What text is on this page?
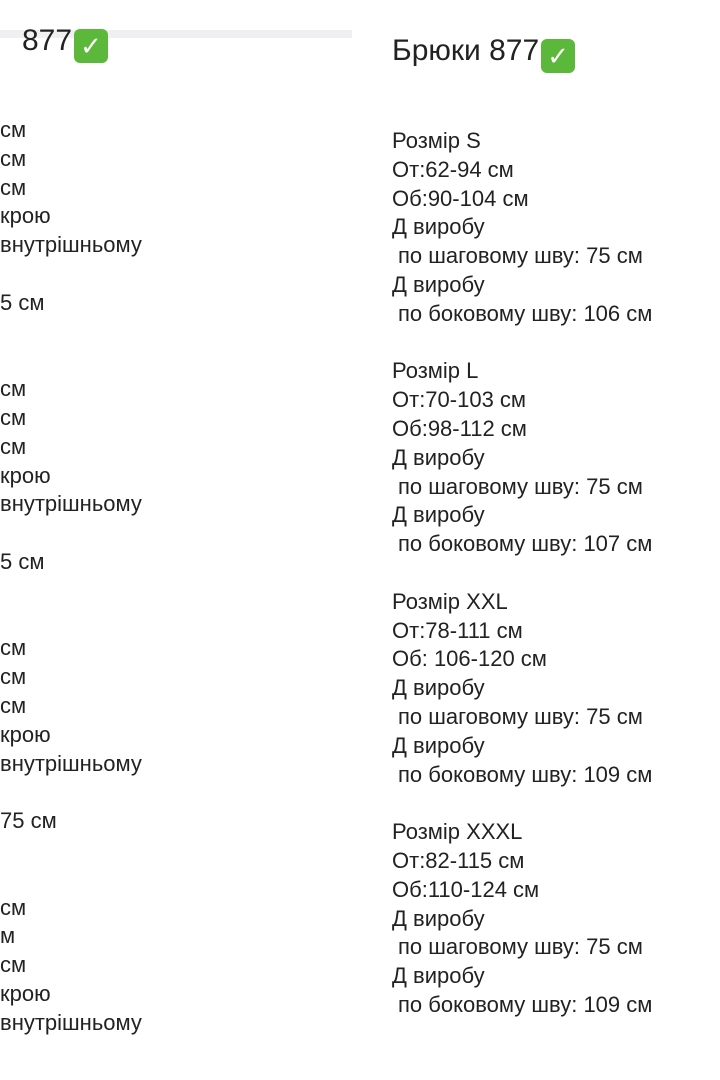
877 ✓
см
см
см
крою
внутрішньому
5 см
см
см
см
крою
внутрішньому
5 см
см
см
см
крою
внутрішньому
75 см
см
м
см
крою
внутрішньому
Брюки 877 ✓
Розмір S
От:62-94 см
Об:90-104 см
Д виробу
по шаговому шву: 75 см
Д виробу
по боковому шву: 106 см
Розмір L
От:70-103 см
Об:98-112 см
Д виробу
по шаговому шву: 75 см
Д виробу
по боковому шву: 107 см
Розмір XXL
От:78-111 см
Об: 106-120 см
Д виробу
по шаговому шву: 75 см
Д виробу
по боковому шву: 109 см
Розмір XXXL
От:82-115 см
Об:110-124 см
Д виробу
по шаговому шву: 75 см
Д виробу
по боковому шву: 109 см
